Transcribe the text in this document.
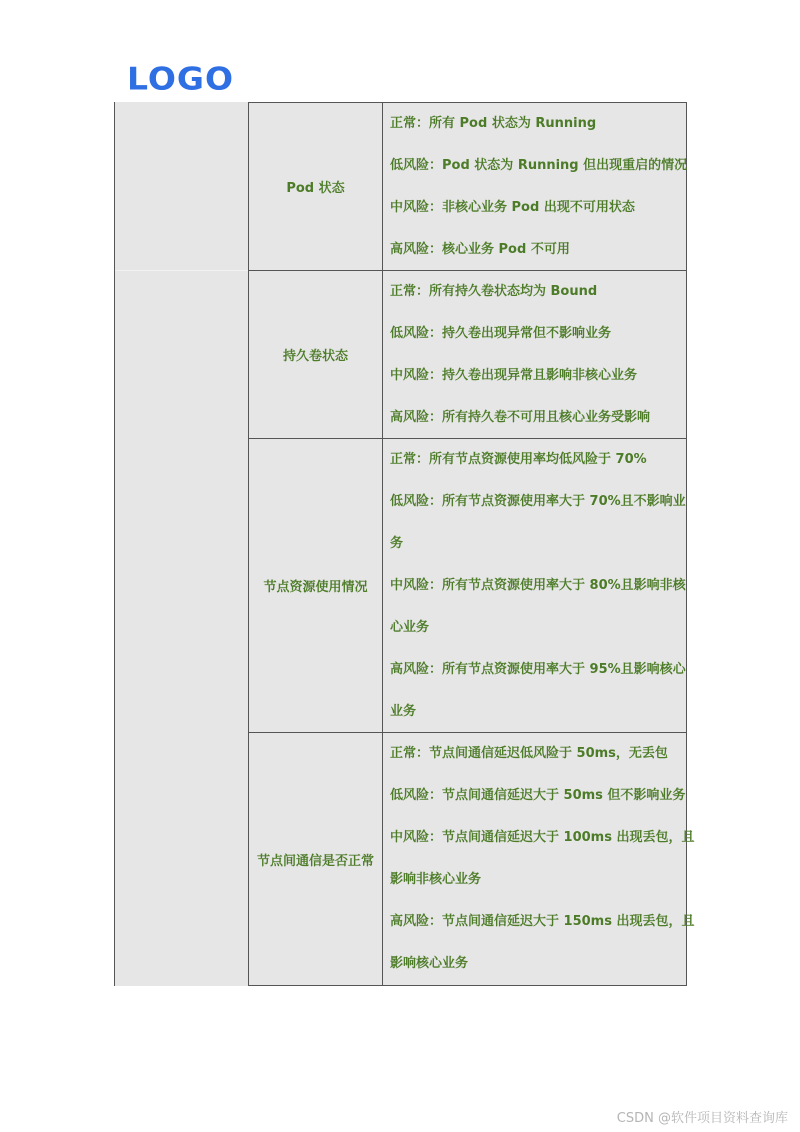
LOGO
Pod 状态
正常：所有 Pod 状态为 Running
低风险：Pod 状态为 Running 但出现重启的情况
中风险：非核心业务 Pod 出现不可用状态
高风险：核心业务 Pod 不可用
持久卷状态
正常：所有持久卷状态均为 Bound
低风险：持久卷出现异常但不影响业务
中风险：持久卷出现异常且影响非核心业务
高风险：所有持久卷不可用且核心业务受影响
节点资源使用情况
正常：所有节点资源使用率均低风险于 70%
低风险：所有节点资源使用率大于 70%且不影响业
务
中风险：所有节点资源使用率大于 80%且影响非核
心业务
高风险：所有节点资源使用率大于 95%且影响核心
业务
节点间通信是否正常
正常：节点间通信延迟低风险于 50ms，无丢包
低风险：节点间通信延迟大于 50ms 但不影响业务
中风险：节点间通信延迟大于 100ms 出现丢包，且
影响非核心业务
高风险：节点间通信延迟大于 150ms 出现丢包，且
影响核心业务
CSDN @软件项目资料查询库
